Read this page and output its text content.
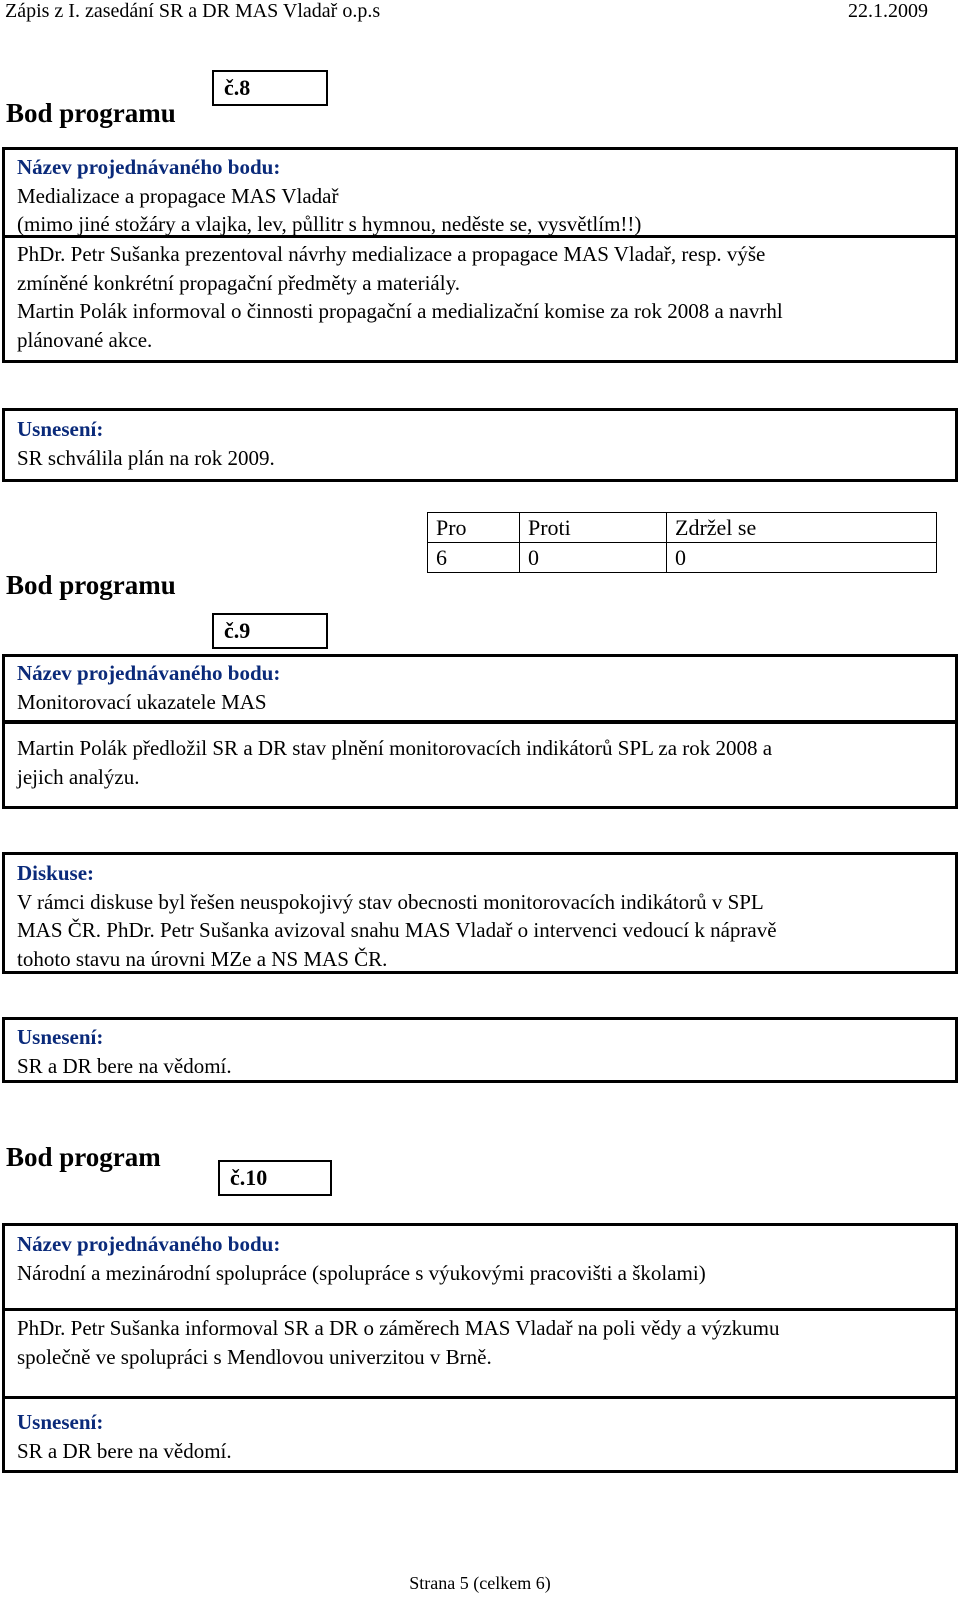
Zápis z I. zasedání SR a DR MAS Vladař o.p.s	22.1.2009
Bod programu
č.8
Název projednávaného bodu:
Medializace a propagace MAS Vladař
(mimo jiné stožáry a vlajka, lev, půllitr s hymnou, neděste se, vysvětlím!!)
PhDr. Petr Sušanka prezentoval návrhy medializace a propagace MAS Vladař, resp. výše
zmíněné konkrétní propagační předměty a materiály.
Martin Polák informoval o činnosti propagační a medializační komise za rok 2008 a navrhl
plánované akce.
Usnesení:
SR schválila plán na rok 2009.
Pro	Proti	Zdržel se
6	0	0
Bod programu
č.9
Název projednávaného bodu:
Monitorovací ukazatele MAS
Martin Polák předložil SR a DR stav plnění monitorovacích indikátorů SPL za rok 2008 a
jejich analýzu.
Diskuse:
V rámci diskuse byl řešen neuspokojivý stav obecnosti monitorovacích indikátorů v SPL
MAS ČR. PhDr. Petr Sušanka avizoval snahu MAS Vladař o intervenci vedoucí k nápravě
tohoto stavu na úrovni MZe a NS MAS ČR.
Usnesení:
SR a DR bere na vědomí.
Bod program
č.10
Název projednávaného bodu:
Národní a mezinárodní spolupráce (spolupráce s výukovými pracovišti a školami)
PhDr. Petr Sušanka informoval SR a DR o záměrech MAS Vladař na poli vědy a výzkumu
společně ve spolupráci s Mendlovou univerzitou v Brně.
Usnesení:
SR a DR bere na vědomí.
Strana 5 (celkem 6)
